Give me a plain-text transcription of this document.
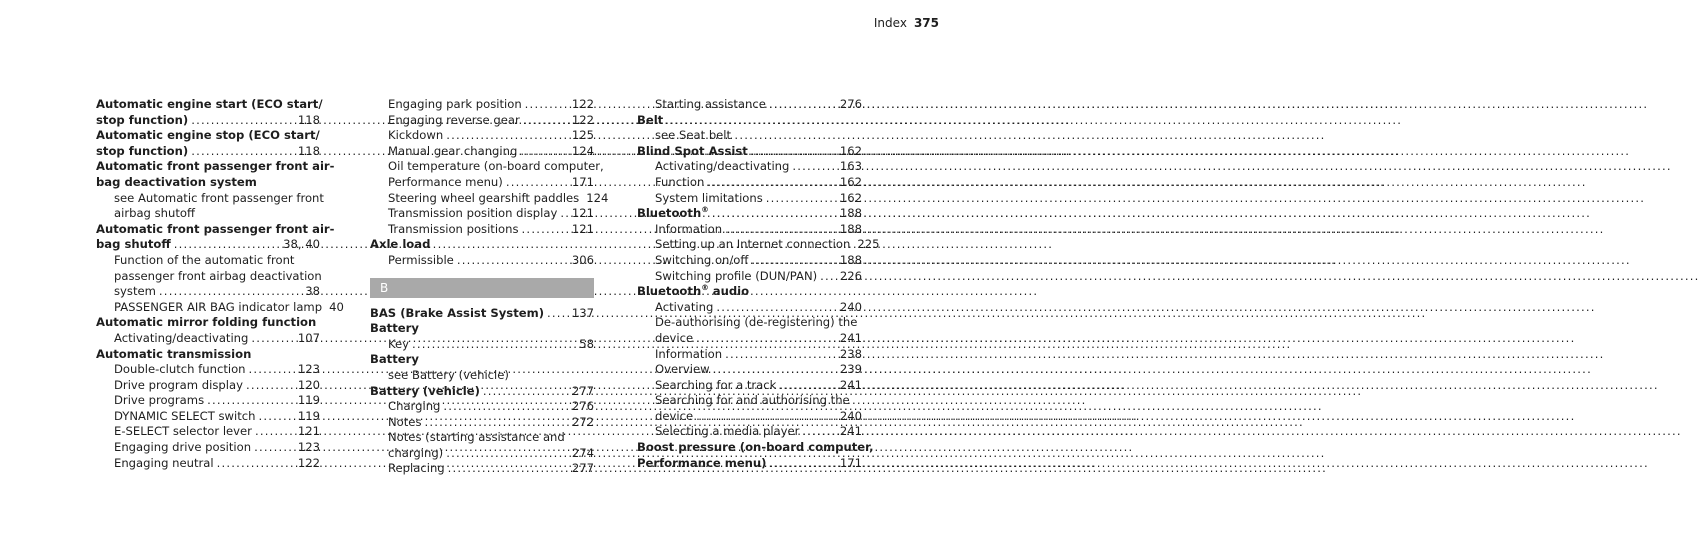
Index 375
Automatic engine start (ECO start/
stop function) .....	118
Automatic engine stop (ECO start/
stop function) .....	118
Automatic front passenger front air-
bag deactivation system
see Automatic front passenger front
airbag shutoff
Automatic front passenger front air-
bag shutoff .....	38, 40
Function of the automatic front
passenger front airbag deactivation
system .....	38
PASSENGER AIR BAG indicator lamp 40
Automatic mirror folding function
Activating/deactivating .....	107
Automatic transmission
Double-clutch function .....	123
Drive program display .....	120
Drive programs .....	119
DYNAMIC SELECT switch .....	119
E-SELECT selector lever .....	121
Engaging drive position .....	123
Engaging neutral .....	122
Engaging park position .....	122
Engaging reverse gear .....	122
Kickdown .....	125
Manual gear changing .....	124
Oil temperature (on-board computer,
Performance menu) .....	171
Steering wheel gearshift paddles 124
Transmission position display .....	121
Transmission positions .....	121
Axle load
Permissible .....	306
B
BAS (Brake Assist System) .....	137
Battery
Key .....	58
Battery
see Battery (vehicle)
Battery (vehicle) .....	277
Charging .....	276
Notes .....	272
Notes (starting assistance and
charging) .....	274
Replacing .....	277
Starting assistance .....	276
Belt
see Seat belt
Blind Spot Assist .....	162
Activating/deactivating .....	163
Function .....	162
System limitations .....	162
Bluetooth® .....	188
Information .....	188
Setting up an Internet connection 225
Switching on/off .....	188
Switching profile (DUN/PAN) .....	226
Bluetooth® audio
Activating .....	240
De-authorising (de-registering) the
device .....	241
Information .....	238
Overview .....	239
Searching for a track .....	241
Searching for and authorising the
device .....	240
Selecting a media player .....	241
Boost pressure (on-board computer,
Performance menu) .....	171
